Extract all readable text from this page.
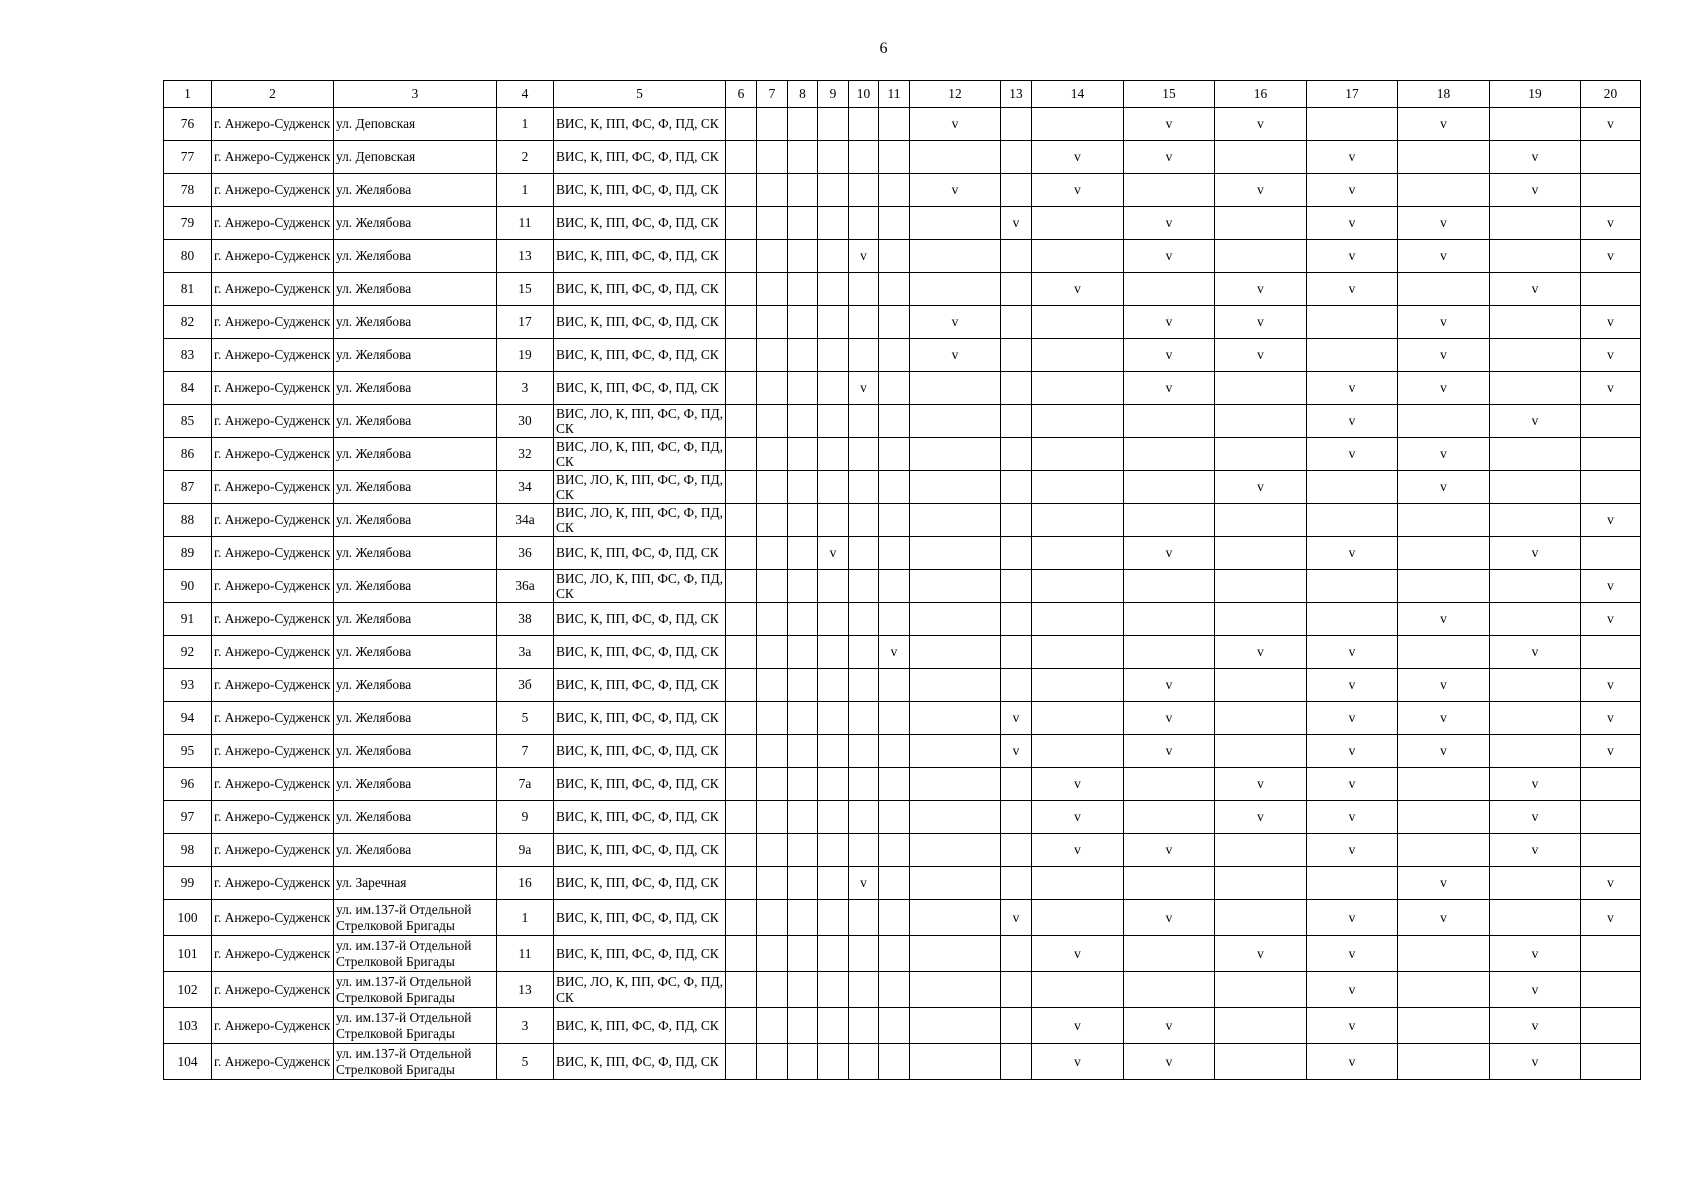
6
1	2	3	4	5	6	7	8	9	10	11	12	13	14	15	16	17	18	19	20
76	г. Анжеро-Судженск	ул. Деповская	1	ВИС, К, ПП, ФС, Ф, ПД, СК							v			v	v		v		v
77	г. Анжеро-Судженск	ул. Деповская	2	ВИС, К, ПП, ФС, Ф, ПД, СК									v	v		v		v	
78	г. Анжеро-Судженск	ул. Желябова	1	ВИС, К, ПП, ФС, Ф, ПД, СК							v		v		v	v		v	
79	г. Анжеро-Судженск	ул. Желябова	11	ВИС, К, ПП, ФС, Ф, ПД, СК								v		v		v	v		v
80	г. Анжеро-Судженск	ул. Желябова	13	ВИС, К, ПП, ФС, Ф, ПД, СК					v					v		v	v		v
81	г. Анжеро-Судженск	ул. Желябова	15	ВИС, К, ПП, ФС, Ф, ПД, СК									v		v	v		v	
82	г. Анжеро-Судженск	ул. Желябова	17	ВИС, К, ПП, ФС, Ф, ПД, СК							v			v	v		v		v
83	г. Анжеро-Судженск	ул. Желябова	19	ВИС, К, ПП, ФС, Ф, ПД, СК							v			v	v		v		v
84	г. Анжеро-Судженск	ул. Желябова	3	ВИС, К, ПП, ФС, Ф, ПД, СК					v					v		v	v		v
85	г. Анжеро-Судженск	ул. Желябова	30	ВИС, ЛО, К, ПП, ФС, Ф, ПД, СК												v		v	
86	г. Анжеро-Судженск	ул. Желябова	32	ВИС, ЛО, К, ПП, ФС, Ф, ПД, СК												v	v		
87	г. Анжеро-Судженск	ул. Желябова	34	ВИС, ЛО, К, ПП, ФС, Ф, ПД, СК											v		v		
88	г. Анжеро-Судженск	ул. Желябова	34а	ВИС, ЛО, К, ПП, ФС, Ф, ПД, СК															v
89	г. Анжеро-Судженск	ул. Желябова	36	ВИС, К, ПП, ФС, Ф, ПД, СК				v						v		v		v	
90	г. Анжеро-Судженск	ул. Желябова	36а	ВИС, ЛО, К, ПП, ФС, Ф, ПД, СК															v
91	г. Анжеро-Судженск	ул. Желябова	38	ВИС, К, ПП, ФС, Ф, ПД, СК													v		v
92	г. Анжеро-Судженск	ул. Желябова	3а	ВИС, К, ПП, ФС, Ф, ПД, СК						v					v	v		v	
93	г. Анжеро-Судженск	ул. Желябова	3б	ВИС, К, ПП, ФС, Ф, ПД, СК										v		v	v		v
94	г. Анжеро-Судженск	ул. Желябова	5	ВИС, К, ПП, ФС, Ф, ПД, СК								v		v		v	v		v
95	г. Анжеро-Судженск	ул. Желябова	7	ВИС, К, ПП, ФС, Ф, ПД, СК								v		v		v	v		v
96	г. Анжеро-Судженск	ул. Желябова	7а	ВИС, К, ПП, ФС, Ф, ПД, СК									v		v	v		v	
97	г. Анжеро-Судженск	ул. Желябова	9	ВИС, К, ПП, ФС, Ф, ПД, СК									v		v	v		v	
98	г. Анжеро-Судженск	ул. Желябова	9а	ВИС, К, ПП, ФС, Ф, ПД, СК									v	v		v		v	
99	г. Анжеро-Судженск	ул. Заречная	16	ВИС, К, ПП, ФС, Ф, ПД, СК					v								v		v
100	г. Анжеро-Судженск	ул. им.137-й Отдельной Стрелковой Бригады	1	ВИС, К, ПП, ФС, Ф, ПД, СК								v		v		v	v		v
101	г. Анжеро-Судженск	ул. им.137-й Отдельной Стрелковой Бригады	11	ВИС, К, ПП, ФС, Ф, ПД, СК									v		v	v		v	
102	г. Анжеро-Судженск	ул. им.137-й Отдельной Стрелковой Бригады	13	ВИС, ЛО, К, ПП, ФС, Ф, ПД, СК												v		v	
103	г. Анжеро-Судженск	ул. им.137-й Отдельной Стрелковой Бригады	3	ВИС, К, ПП, ФС, Ф, ПД, СК									v	v		v		v	
104	г. Анжеро-Судженск	ул. им.137-й Отдельной Стрелковой Бригады	5	ВИС, К, ПП, ФС, Ф, ПД, СК									v	v		v		v	
